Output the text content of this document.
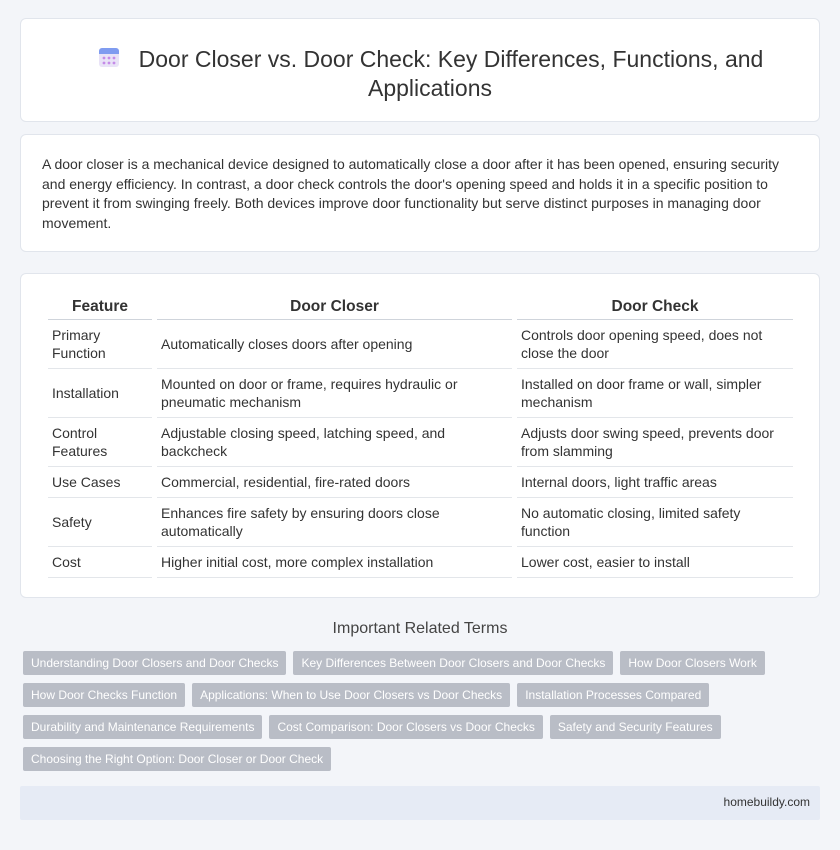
Door Closer vs. Door Check: Key Differences, Functions, and Applications

A door closer is a mechanical device designed to automatically close a door after it has been opened, ensuring security and energy efficiency. In contrast, a door check controls the door's opening speed and holds it in a specific position to prevent it from swinging freely. Both devices improve door functionality but serve distinct purposes in managing door movement.

Feature	Door Closer	Door Check
Primary Function	Automatically closes doors after opening	Controls door opening speed, does not close the door
Installation	Mounted on door or frame, requires hydraulic or pneumatic mechanism	Installed on door frame or wall, simpler mechanism
Control Features	Adjustable closing speed, latching speed, and backcheck	Adjusts door swing speed, prevents door from slamming
Use Cases	Commercial, residential, fire-rated doors	Internal doors, light traffic areas
Safety	Enhances fire safety by ensuring doors close automatically	No automatic closing, limited safety function
Cost	Higher initial cost, more complex installation	Lower cost, easier to install
Important Related Terms
Understanding Door Closers and Door Checks	Key Differences Between Door Closers and Door Checks	How Door Closers Work
How Door Checks Function	Applications: When to Use Door Closers vs Door Checks	Installation Processes Compared
Durability and Maintenance Requirements	Cost Comparison: Door Closers vs Door Checks	Safety and Security Features
Choosing the Right Option: Door Closer or Door Check
homebuildy.com
